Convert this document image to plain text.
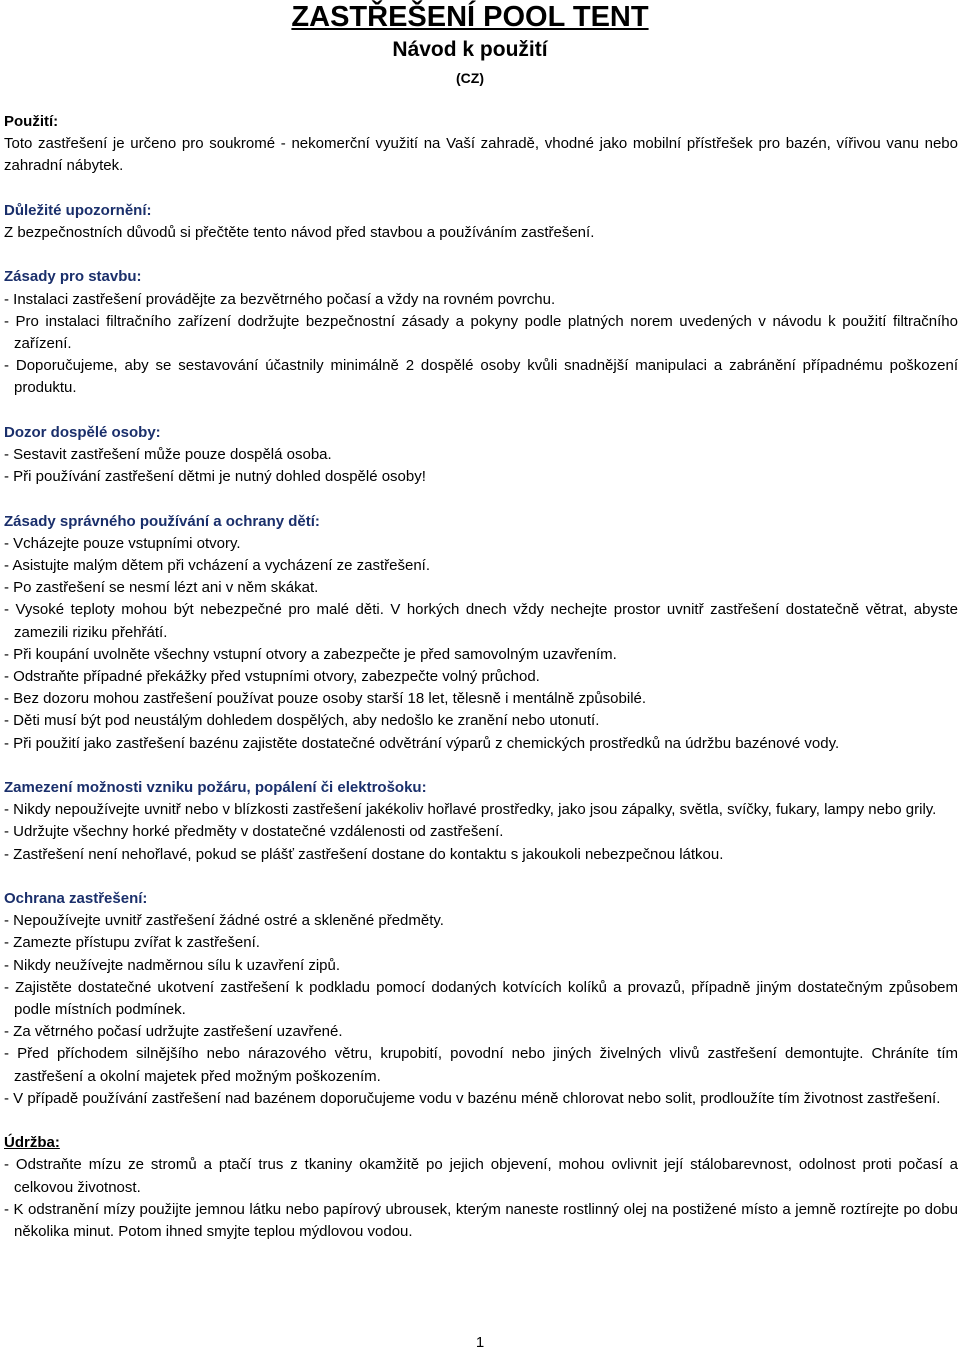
ZASTŘEŠENÍ POOL TENT
Návod k použití
(CZ)

Použití:

Toto zastřešení je určeno pro soukromé - nekomerční využití na Vaší zahradě, vhodné jako mobilní přístřešek pro bazén, vířivou vanu nebo zahradní nábytek.

Důležité upozornění:

Z bezpečnostních důvodů si přečtěte tento návod před stavbou a používáním zastřešení.

Zásady pro stavbu:

- Instalaci zastřešení provádějte za bezvětrného počasí a vždy na rovném povrchu.

- Pro instalaci filtračního zařízení dodržujte bezpečnostní zásady a pokyny podle platných norem uvedených v návodu k použití filtračního zařízení.

- Doporučujeme, aby se sestavování účastnily minimálně 2 dospělé osoby kvůli snadnější manipulaci a zabránění případnému poškození produktu.

Dozor dospělé osoby:

- Sestavit zastřešení může pouze dospělá osoba.

- Při používání zastřešení dětmi je nutný dohled dospělé osoby!

Zásady správného používání a ochrany dětí:

- Vcházejte pouze vstupními otvory.

- Asistujte malým dětem při vcházení a vycházení ze zastřešení.

- Po zastřešení se nesmí lézt ani v něm skákat.

- Vysoké teploty mohou být nebezpečné pro malé děti. V horkých dnech vždy nechejte prostor uvnitř zastřešení dostatečně větrat, abyste zamezili riziku přehřátí.

- Při koupání uvolněte všechny vstupní otvory a zabezpečte je před samovolným uzavřením.

- Odstraňte případné překážky před vstupními otvory, zabezpečte volný průchod.

- Bez dozoru mohou zastřešení používat pouze osoby starší 18 let, tělesně i mentálně způsobilé.

- Děti musí být pod neustálým dohledem dospělých, aby nedošlo ke zranění nebo utonutí.

- Při použití jako zastřešení bazénu zajistěte dostatečné odvětrání výparů z chemických prostředků na údržbu bazénové vody.

Zamezení možnosti vzniku požáru, popálení či elektrošoku:

- Nikdy nepoužívejte uvnitř nebo v blízkosti zastřešení jakékoliv hořlavé prostředky, jako jsou zápalky, světla, svíčky, fukary, lampy nebo grily.

- Udržujte všechny horké předměty v dostatečné vzdálenosti od zastřešení.

- Zastřešení není nehořlavé, pokud se plášť zastřešení dostane do kontaktu s jakoukoli nebezpečnou látkou.

Ochrana zastřešení:

- Nepoužívejte uvnitř zastřešení žádné ostré a skleněné předměty.

- Zamezte přístupu zvířat k zastřešení.

- Nikdy neužívejte nadměrnou sílu k uzavření zipů.

- Zajistěte dostatečné ukotvení zastřešení k podkladu pomocí dodaných kotvících kolíků a provazů, případně jiným dostatečným způsobem podle místních podmínek.

- Za větrného počasí udržujte zastřešení uzavřené.

- Před příchodem silnějšího nebo nárazového větru, krupobití, povodní nebo jiných živelných vlivů zastřešení demontujte. Chráníte tím zastřešení a okolní majetek před možným poškozením.

- V případě používání zastřešení nad bazénem doporučujeme vodu v bazénu méně chlorovat nebo solit, prodloužíte tím životnost zastřešení.

Údržba:

- Odstraňte mízu ze stromů a ptačí trus z tkaniny okamžitě po jejich objevení, mohou ovlivnit její stálobarevnost, odolnost proti počasí a celkovou životnost.

- K odstranění mízy použijte jemnou látku nebo papírový ubrousek, kterým naneste rostlinný olej na postižené místo a jemně roztírejte po dobu několika minut. Potom ihned smyjte teplou mýdlovou vodou.

1
